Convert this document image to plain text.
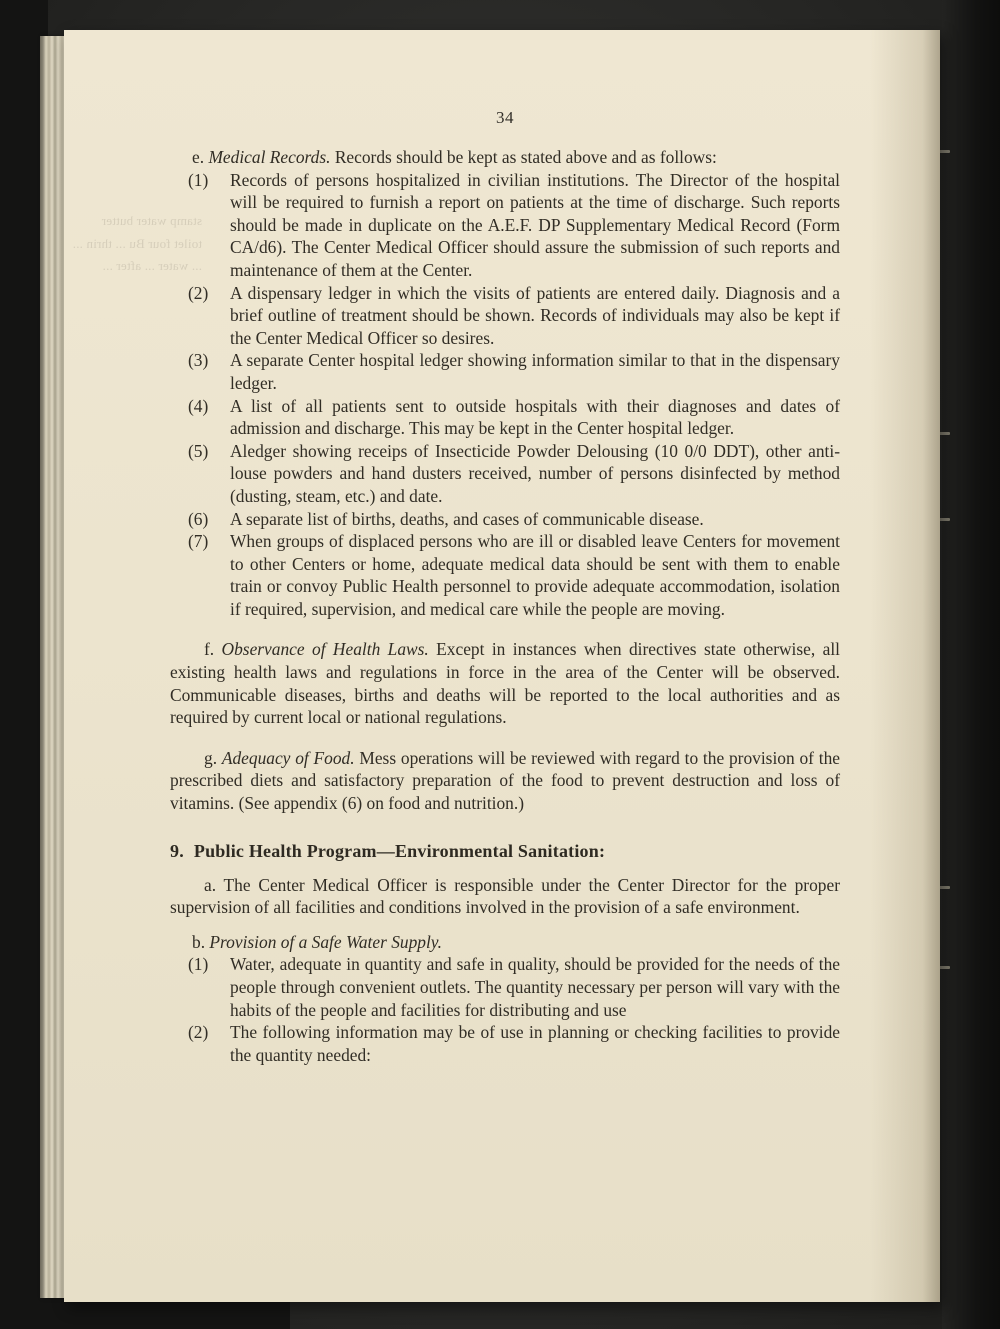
stamp water butter toilet four Bu ... thrin ... ... water ... after ...
34

e. Medical Records. Records should be kept as stated above and as follows:

(1)	Records of persons hospitalized in civilian institutions. The Director of the hospital will be required to furnish a report on patients at the time of discharge. Such reports should be made in duplicate on the A.E.F. DP Supplementary Medical Record (Form CA/d6). The Center Medical Officer should assure the submission of such reports and maintenance of them at the Center.
(2)	A dispensary ledger in which the visits of patients are entered daily. Diagnosis and a brief outline of treatment should be shown. Records of individuals may also be kept if the Center Medical Officer so desires.
(3)	A separate Center hospital ledger showing information similar to that in the dispensary ledger.
(4)	A list of all patients sent to outside hospitals with their diagnoses and dates of admission and discharge. This may be kept in the Center hospital ledger.
(5)	Aledger showing receips of Insecticide Powder Delousing (10 0/0 DDT), other anti-louse powders and hand dusters received, number of persons disinfected by method (dusting, steam, etc.) and date.
(6)	A separate list of births, deaths, and cases of communicable disease.
(7)	When groups of displaced persons who are ill or disabled leave Centers for movement to other Centers or home, adequate medical data should be sent with them to enable train or convoy Public Health personnel to provide adequate accommodation, isolation if required, supervision, and medical care while the people are moving.

f. Observance of Health Laws. Except in instances when directives state otherwise, all existing health laws and regulations in force in the area of the Center will be observed. Communicable diseases, births and deaths will be reported to the local authorities and as required by current local or national regulations.

g. Adequacy of Food. Mess operations will be reviewed with regard to the provision of the prescribed diets and satisfactory preparation of the food to prevent destruction and loss of vitamins. (See appendix (6) on food and nutrition.)

9. Public Health Program—Environmental Sanitation:

a. The Center Medical Officer is responsible under the Center Director for the proper supervision of all facilities and conditions involved in the provision of a safe environment.

b. Provision of a Safe Water Supply.

(1)	Water, adequate in quantity and safe in quality, should be provided for the needs of the people through convenient outlets. The quantity necessary per person will vary with the habits of the people and facilities for distributing and use
(2)	The following information may be of use in planning or checking facilities to provide the quantity needed:
